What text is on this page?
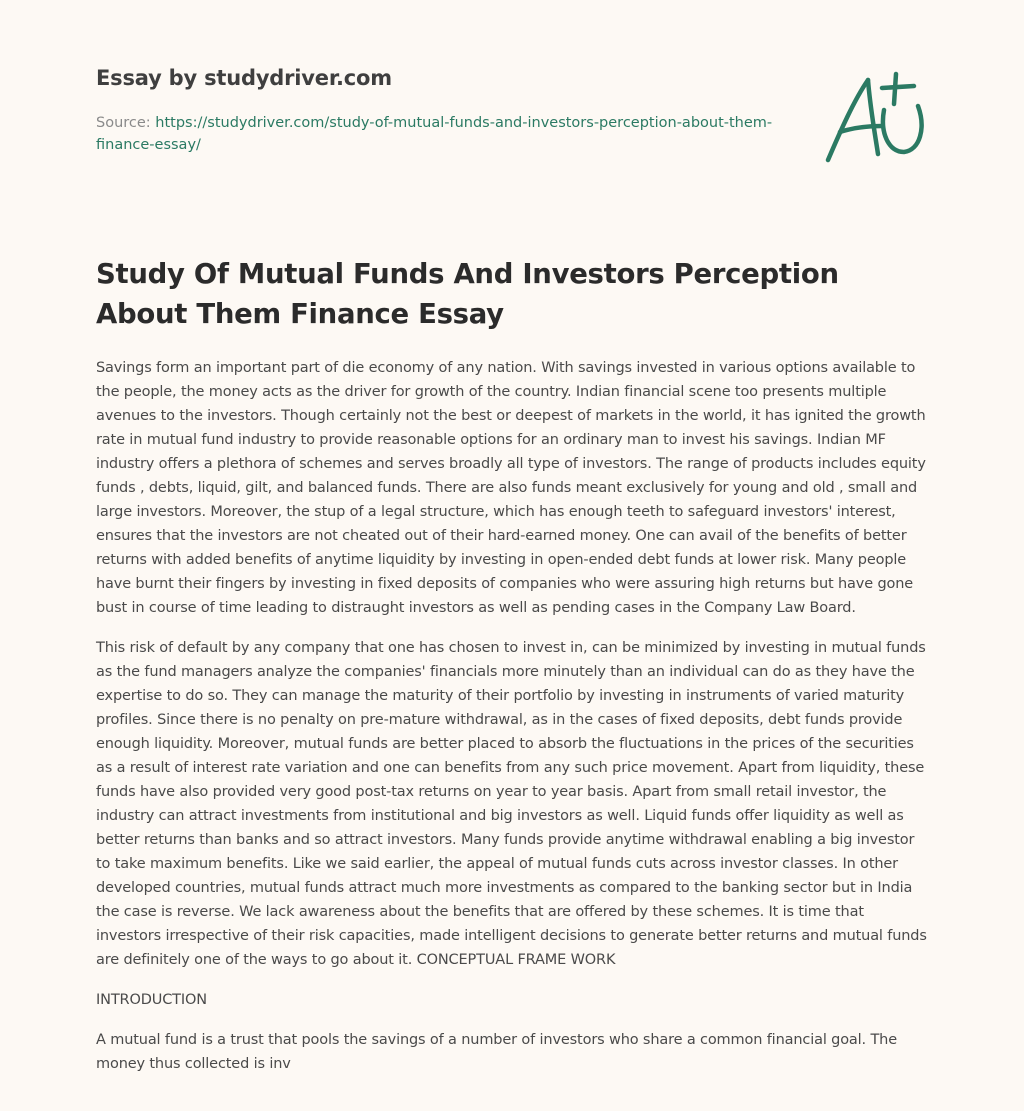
Essay by studydriver.com
Source: https://studydriver.com/study-of-mutual-funds-and-investors-perception-about-them-finance-essay/
Study Of Mutual Funds And Investors Perception About Them Finance Essay

Savings form an important part of die economy of any nation. With savings invested in various options available to the people, the money acts as the driver for growth of the country. Indian financial scene too presents multiple avenues to the investors. Though certainly not the best or deepest of markets in the world, it has ignited the growth rate in mutual fund industry to provide reasonable options for an ordinary man to invest his savings. Indian MF industry offers a plethora of schemes and serves broadly all type of investors. The range of products includes equity funds , debts, liquid, gilt, and balanced funds. There are also funds meant exclusively for young and old , small and large investors. Moreover, the stup of a legal structure, which has enough teeth to safeguard investors' interest, ensures that the investors are not cheated out of their hard-earned money. One can avail of the benefits of better returns with added benefits of anytime liquidity by investing in open-ended debt funds at lower risk. Many people have burnt their fingers by investing in fixed deposits of companies who were assuring high returns but have gone bust in course of time leading to distraught investors as well as pending cases in the Company Law Board.

This risk of default by any company that one has chosen to invest in, can be minimized by investing in mutual funds as the fund managers analyze the companies' financials more minutely than an individual can do as they have the expertise to do so. They can manage the maturity of their portfolio by investing in instruments of varied maturity profiles. Since there is no penalty on pre-mature withdrawal, as in the cases of fixed deposits, debt funds provide enough liquidity. Moreover, mutual funds are better placed to absorb the fluctuations in the prices of the securities as a result of interest rate variation and one can benefits from any such price movement. Apart from liquidity, these funds have also provided very good post-tax returns on year to year basis. Apart from small retail investor, the industry can attract investments from institutional and big investors as well. Liquid funds offer liquidity as well as better returns than banks and so attract investors. Many funds provide anytime withdrawal enabling a big investor to take maximum benefits. Like we said earlier, the appeal of mutual funds cuts across investor classes. In other developed countries, mutual funds attract much more investments as compared to the banking sector but in India the case is reverse. We lack awareness about the benefits that are offered by these schemes. It is time that investors irrespective of their risk capacities, made intelligent decisions to generate better returns and mutual funds are definitely one of the ways to go about it. CONCEPTUAL FRAME WORK

INTRODUCTION

A mutual fund is a trust that pools the savings of a number of investors who share a common financial goal. The money thus collected is inv
